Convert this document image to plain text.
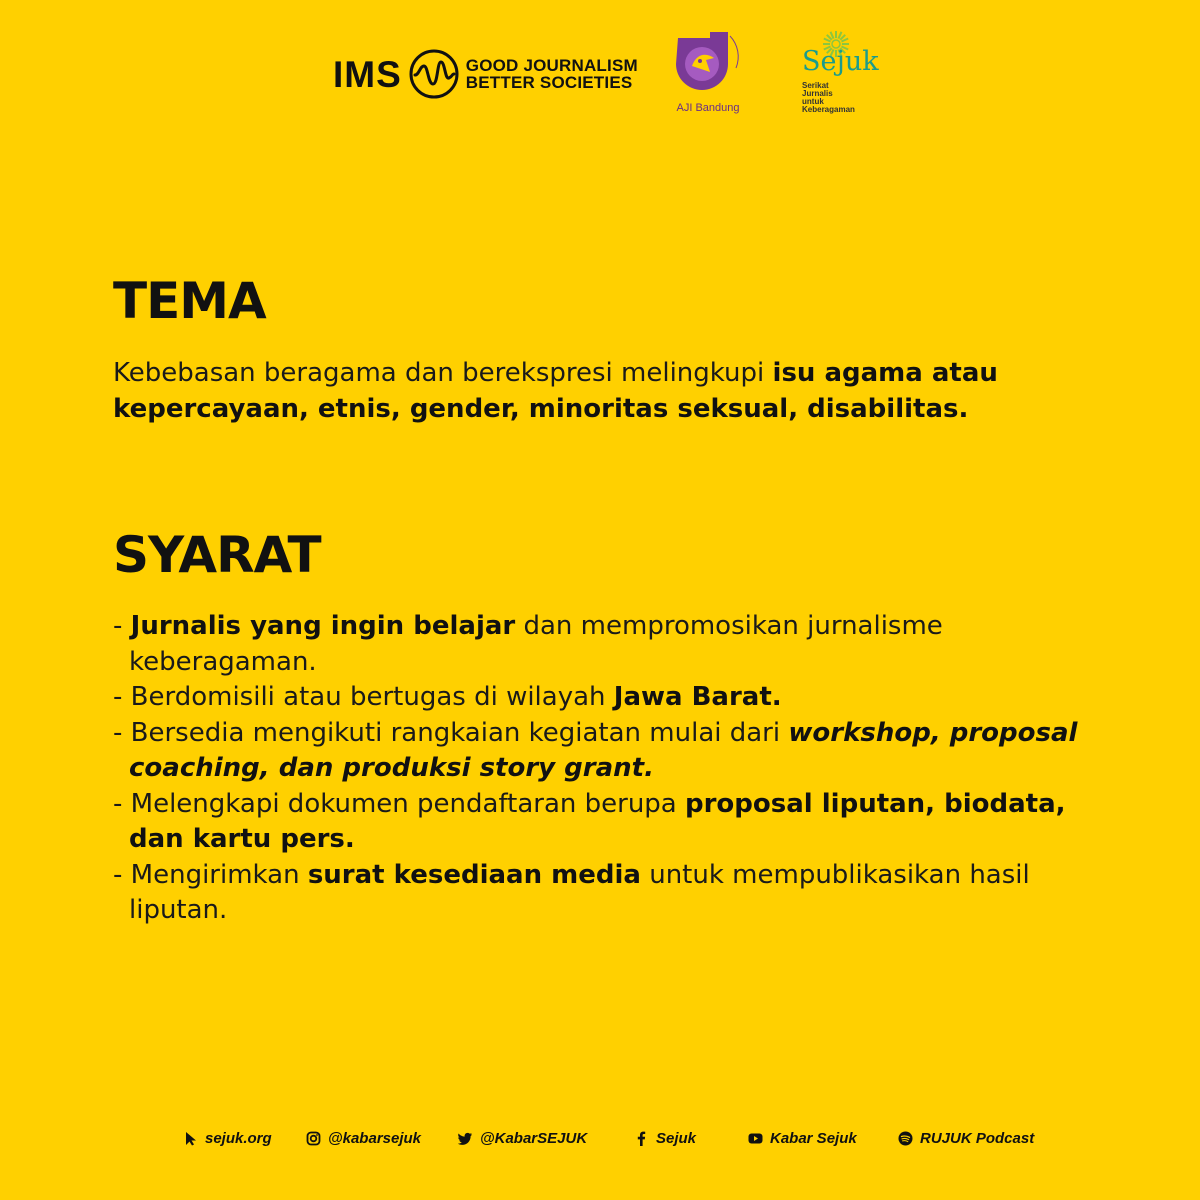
IMS	GOOD JOURNALISM
BETTER SOCIETIES
AJI Bandung
Sejuk
Serikat
Jurnalis
untuk
Keberagaman
TEMA

Kebebasan beragama dan berekspresi melingkupi isu agama atau kepercayaan, etnis, gender, minoritas seksual, disabilitas.

SYARAT

- Jurnalis yang ingin belajar dan mempromosikan jurnalisme keberagaman.

- Berdomisili atau bertugas di wilayah Jawa Barat.

- Bersedia mengikuti rangkaian kegiatan mulai dari workshop, proposal coaching, dan produksi story grant.

- Melengkapi dokumen pendaftaran berupa proposal liputan, biodata, dan kartu pers.

- Mengirimkan surat kesediaan media untuk mempublikasikan hasil liputan.

sejuk.org	@kabarsejuk	@KabarSEJUK	Sejuk	Kabar Sejuk	RUJUK Podcast
